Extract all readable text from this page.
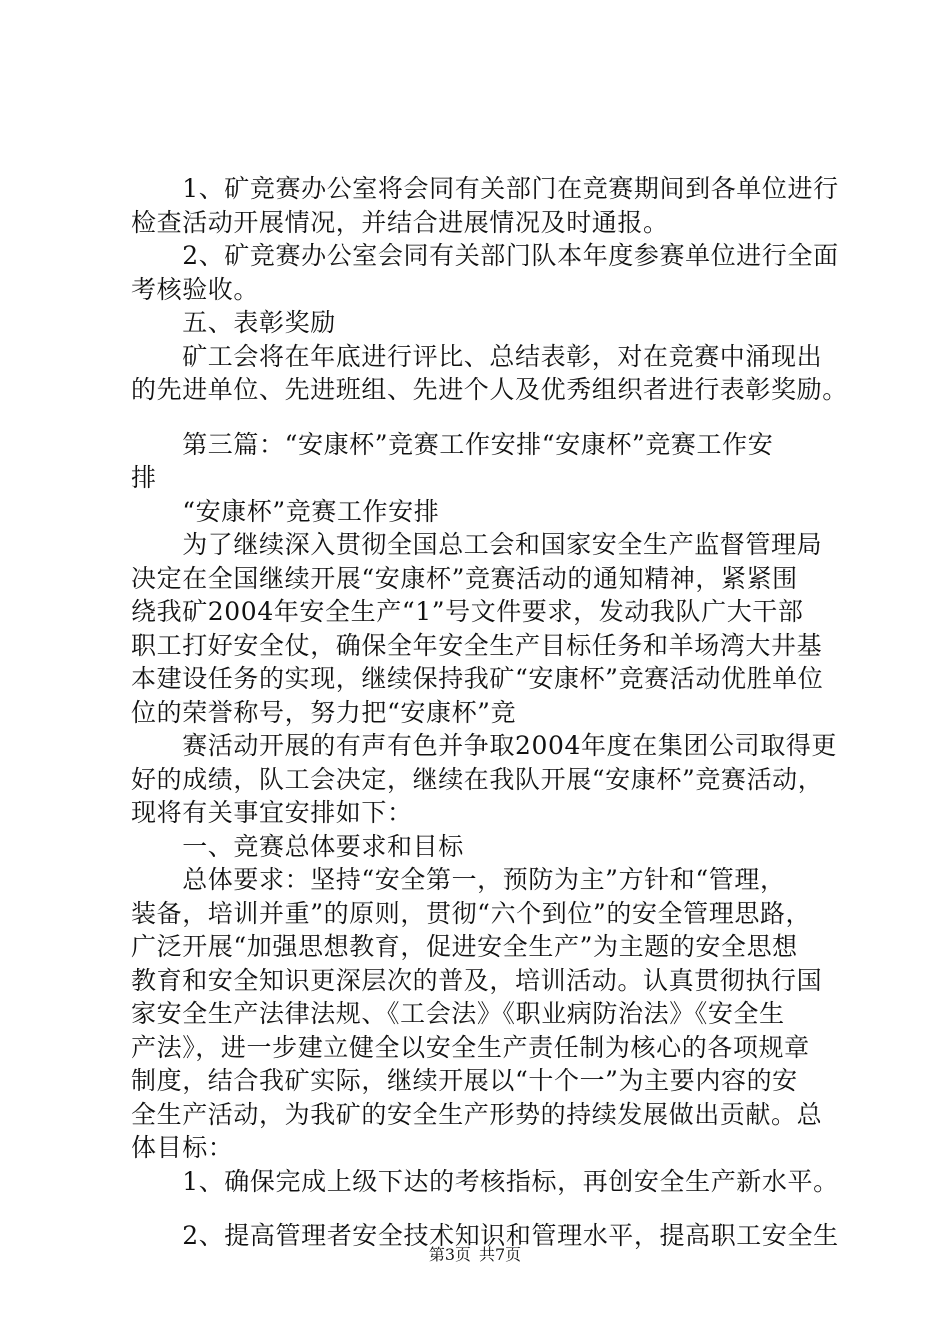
　　1、矿竞赛办公室将会同有关部门在竞赛期间到各单位进行
检查活动开展情况，并结合进展情况及时通报。
　　2、矿竞赛办公室会同有关部门队本年度参赛单位进行全面
考核验收。
　　五、表彰奖励
　　矿工会将在年底进行评比、总结表彰，对在竞赛中涌现出
的先进单位、先进班组、先进个人及优秀组织者进行表彰奖励。
　　第三篇：“安康杯”竞赛工作安排“安康杯”竞赛工作安
排
　　“安康杯”竞赛工作安排
　　为了继续深入贯彻全国总工会和国家安全生产监督管理局
决定在全国继续开展“安康杯”竞赛活动的通知精神，紧紧围
绕我矿2004年安全生产“1”号文件要求，发动我队广大干部
职工打好安全仗，确保全年安全生产目标任务和羊场湾大井基
本建设任务的实现，继续保持我矿“安康杯”竞赛活动优胜单位
位的荣誉称号，努力把“安康杯”竞
　　赛活动开展的有声有色并争取2004年度在集团公司取得更
好的成绩，队工会决定，继续在我队开展“安康杯”竞赛活动，
现将有关事宜安排如下：
　　一、竞赛总体要求和目标
　　总体要求：坚持“安全第一，预防为主”方针和“管理，
装备，培训并重”的原则，贯彻“六个到位”的安全管理思路，
广泛开展“加强思想教育，促进安全生产”为主题的安全思想
教育和安全知识更深层次的普及，培训活动。认真贯彻执行国
家安全生产法律法规、《工会法》《职业病防治法》《安全生
产法》，进一步建立健全以安全生产责任制为核心的各项规章
制度，结合我矿实际，继续开展以“十个一”为主要内容的安
全生产活动，为我矿的安全生产形势的持续发展做出贡献。总
体目标：
　　1、确保完成上级下达的考核指标，再创安全生产新水平。
　　2、提高管理者安全技术知识和管理水平，提高职工安全生
第3页 共7页
